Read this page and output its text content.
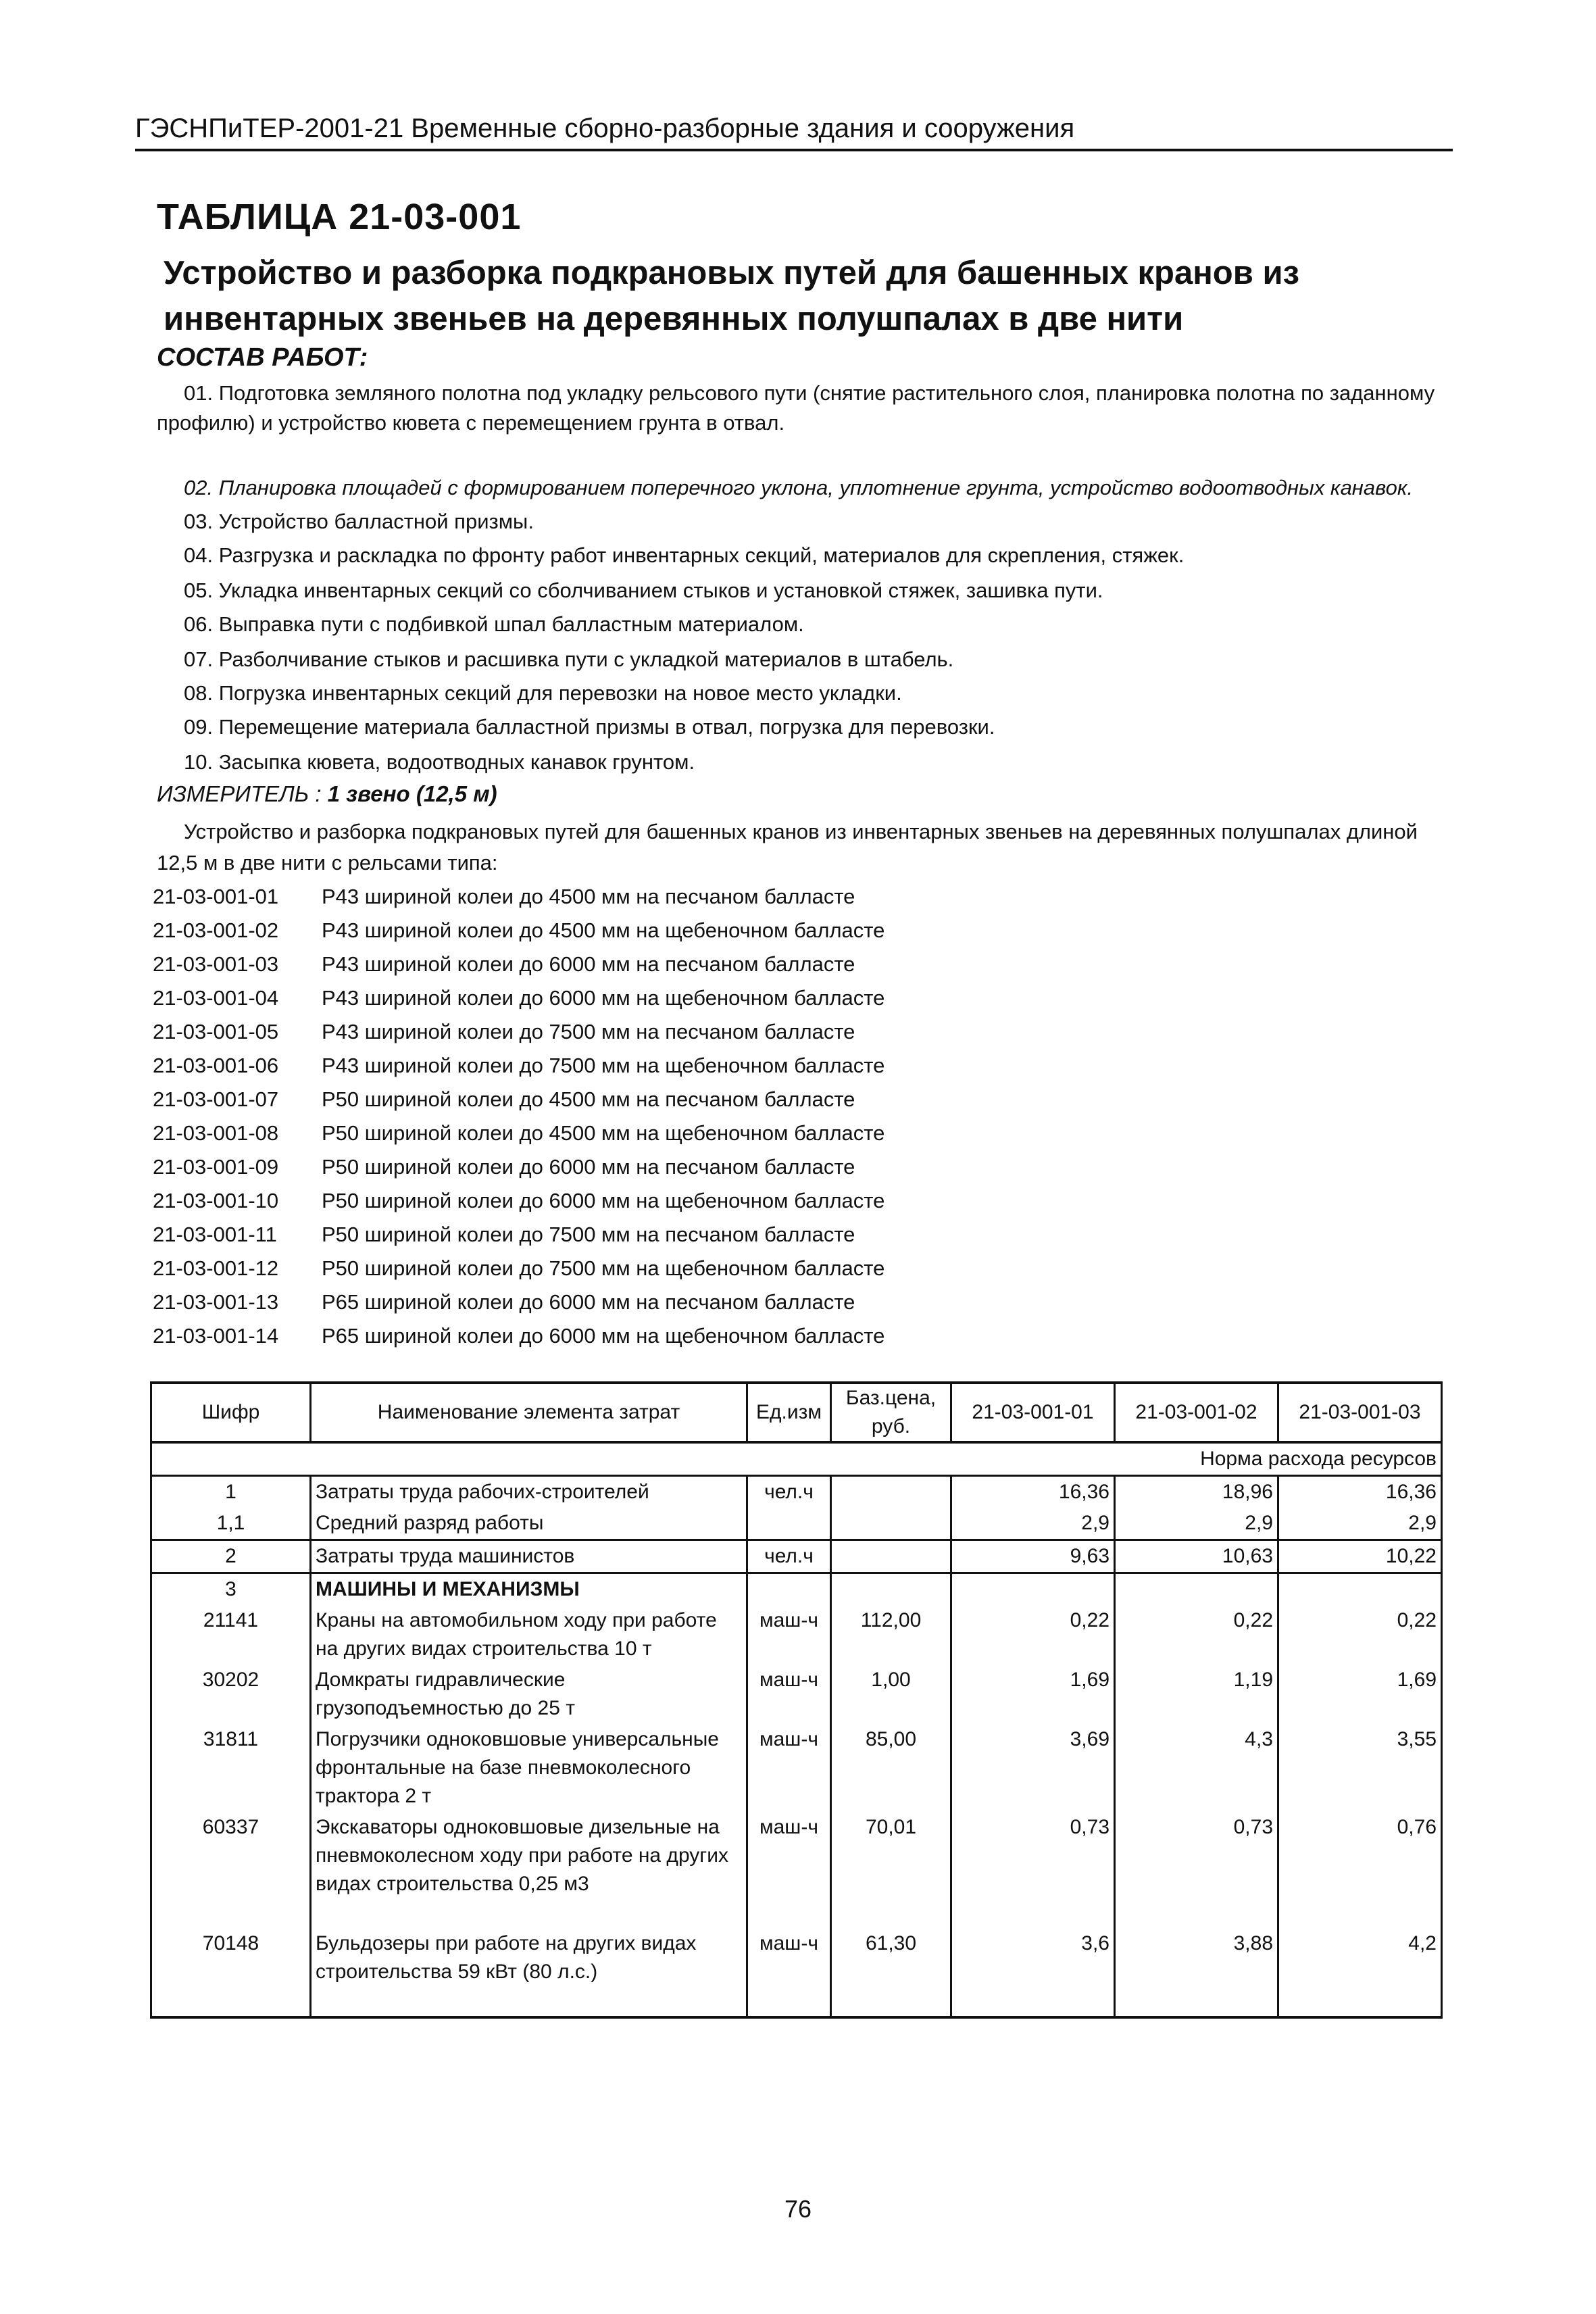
ГЭСНПиТЕР-2001-21 Временные сборно-разборные здания и сооружения
ТАБЛИЦА 21-03-001
Устройство и разборка подкрановых путей для башенных кранов из инвентарных звеньев на деревянных полушпалах в две нити
СОСТАВ РАБОТ:
01. Подготовка земляного полотна под укладку рельсового пути (снятие растительного слоя, планировка полотна по заданному профилю) и устройство кювета с перемещением грунта в отвал.
02. Планировка площадей с формированием поперечного уклона, уплотнение грунта, устройство водоотводных канавок.
03. Устройство балластной призмы.
04. Разгрузка и раскладка по фронту работ инвентарных секций, материалов для скрепления, стяжек.
05. Укладка инвентарных секций со сболчиванием стыков и установкой стяжек, зашивка пути.
06. Выправка пути с подбивкой шпал балластным материалом.
07. Разболчивание стыков и расшивка пути с укладкой материалов в штабель.
08. Погрузка инвентарных секций для перевозки на новое место укладки.
09. Перемещение материала балластной призмы в отвал, погрузка для перевозки.
10. Засыпка кювета, водоотводных канавок грунтом.
ИЗМЕРИТЕЛЬ : 1 звено (12,5 м)
Устройство и разборка подкрановых путей для башенных кранов из инвентарных звеньев на деревянных полушпалах длиной 12,5 м в две нити с рельсами типа:
21-03-001-01	Р43 шириной колеи до 4500 мм на песчаном балласте
21-03-001-02	Р43 шириной колеи до 4500 мм на щебеночном балласте
21-03-001-03	Р43 шириной колеи до 6000 мм на песчаном балласте
21-03-001-04	Р43 шириной колеи до 6000 мм на щебеночном балласте
21-03-001-05	Р43 шириной колеи до 7500 мм на песчаном балласте
21-03-001-06	Р43 шириной колеи до 7500 мм на щебеночном балласте
21-03-001-07	Р50 шириной колеи до 4500 мм на песчаном балласте
21-03-001-08	Р50 шириной колеи до 4500 мм на щебеночном балласте
21-03-001-09	Р50 шириной колеи до 6000 мм на песчаном балласте
21-03-001-10	Р50 шириной колеи до 6000 мм на щебеночном балласте
21-03-001-11	Р50 шириной колеи до 7500 мм на песчаном балласте
21-03-001-12	Р50 шириной колеи до 7500 мм на щебеночном балласте
21-03-001-13	Р65 шириной колеи до 6000 мм на песчаном балласте
21-03-001-14	Р65 шириной колеи до 6000 мм на щебеночном балласте
Шифр	Наименование элемента затрат	Ед.изм	Баз.цена, руб.	21-03-001-01	21-03-001-02	21-03-001-03
Норма расхода ресурсов						
1	Затраты труда рабочих-строителей	чел.ч		16,36	18,96	16,36
1,1	Средний разряд работы			2,9	2,9	2,9
2	Затраты труда машинистов	чел.ч		9,63	10,63	10,22
3	МАШИНЫ И МЕХАНИЗМЫ					
21141	Краны на автомобильном ходу при работе на других видах строительства 10 т	маш-ч	112,00	0,22	0,22	0,22
30202	Домкраты гидравлические грузоподъемностью до 25 т	маш-ч	1,00	1,69	1,19	1,69
31811	Погрузчики одноковшовые универсальные фронтальные на базе пневмоколесного трактора 2 т	маш-ч	85,00	3,69	4,3	3,55
60337	Экскаваторы одноковшовые дизельные на пневмоколесном ходу при работе на других видах строительства 0,25 м3	маш-ч	70,01	0,73	0,73	0,76
70148	Бульдозеры при работе на других видах строительства 59 кВт (80 л.с.)	маш-ч	61,30	3,6	3,88	4,2
76
